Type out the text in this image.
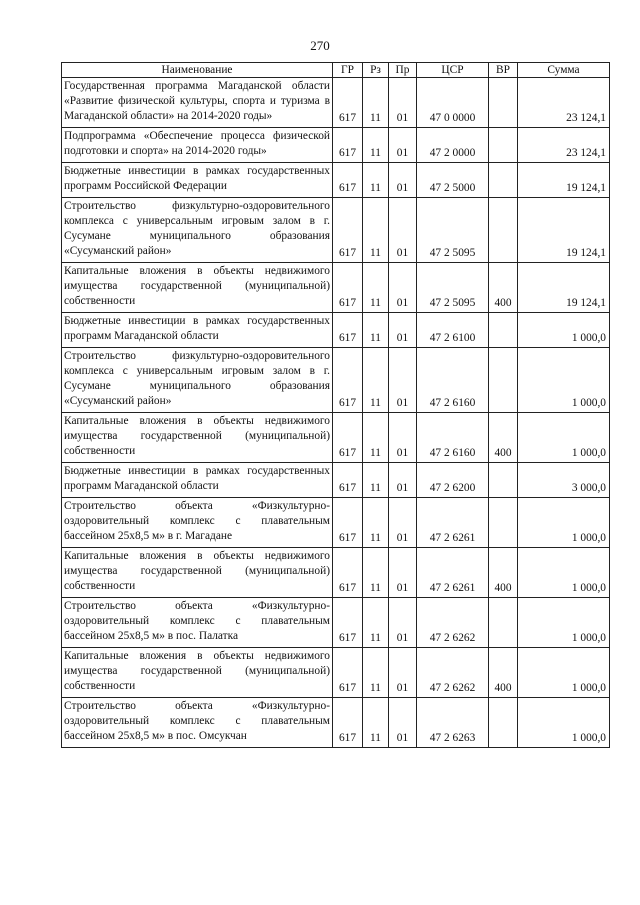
270
Наименование	ГР	Рз	Пр	ЦСР	ВР	Сумма
Государственная программа Магаданской области «Развитие физической культуры, спорта и туризма в Магаданской области» на 2014-2020 годы»	617	11	01	47 0 0000		23 124,1
Подпрограмма «Обеспечение процесса физической подготовки и спорта» на 2014-2020 годы»	617	11	01	47 2 0000		23 124,1
Бюджетные инвестиции в рамках государственных программ Российской Федерации	617	11	01	47 2 5000		19 124,1
Строительство физкультурно-оздоровительного комплекса с универсальным игровым залом в г. Сусумане муниципального образования «Сусуманский район»	617	11	01	47 2 5095		19 124,1
Капитальные вложения в объекты недвижимого имущества государственной (муниципальной) собственности	617	11	01	47 2 5095	400	19 124,1
Бюджетные инвестиции в рамках государственных программ Магаданской области	617	11	01	47 2 6100		1 000,0
Строительство физкультурно-оздоровительного комплекса с универсальным игровым залом в г. Сусумане муниципального образования «Сусуманский район»	617	11	01	47 2 6160		1 000,0
Капитальные вложения в объекты недвижимого имущества государственной (муниципальной) собственности	617	11	01	47 2 6160	400	1 000,0
Бюджетные инвестиции в рамках государственных программ Магаданской области	617	11	01	47 2 6200		3 000,0
Строительство объекта «Физкультурно-оздоровительный комплекс с плавательным бассейном 25х8,5 м» в г. Магадане	617	11	01	47 2 6261		1 000,0
Капитальные вложения в объекты недвижимого имущества государственной (муниципальной) собственности	617	11	01	47 2 6261	400	1 000,0
Строительство объекта «Физкультурно-оздоровительный комплекс с плавательным бассейном 25х8,5 м» в пос. Палатка	617	11	01	47 2 6262		1 000,0
Капитальные вложения в объекты недвижимого имущества государственной (муниципальной) собственности	617	11	01	47 2 6262	400	1 000,0
Строительство объекта «Физкультурно-оздоровительный комплекс с плавательным бассейном 25х8,5 м» в пос. Омсукчан	617	11	01	47 2 6263		1 000,0
